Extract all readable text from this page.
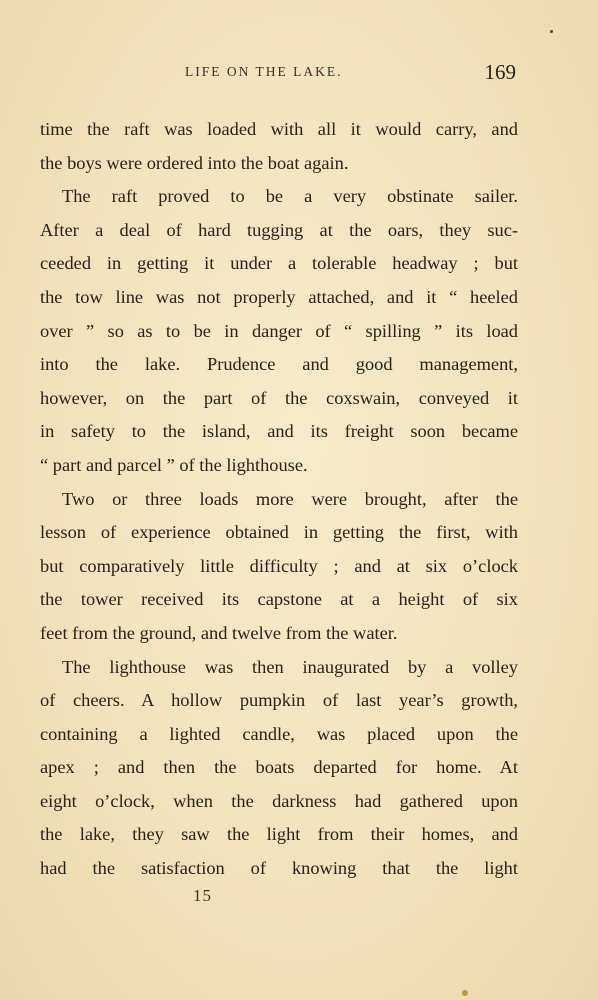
LIFE ON THE LAKE.	169
time the raft was loaded with all it would carry, and
the boys were ordered into the boat again.
The raft proved to be a very obstinate sailer.
After a deal of hard tugging at the oars, they suc-
ceeded in getting it under a tolerable headway ; but
the tow line was not properly attached, and it “ heeled
over ” so as to be in danger of “ spilling ” its load
into the lake. Prudence and good management,
however, on the part of the coxswain, conveyed it
in safety to the island, and its freight soon became
“ part and parcel ” of the lighthouse.
Two or three loads more were brought, after the
lesson of experience obtained in getting the first, with
but comparatively little difficulty ; and at six o’clock
the tower received its capstone at a height of six
feet from the ground, and twelve from the water.
The lighthouse was then inaugurated by a volley
of cheers. A hollow pumpkin of last year’s growth,
containing a lighted candle, was placed upon the
apex ; and then the boats departed for home. At
eight o’clock, when the darkness had gathered upon
the lake, they saw the light from their homes, and
had the satisfaction of knowing that the light
15
